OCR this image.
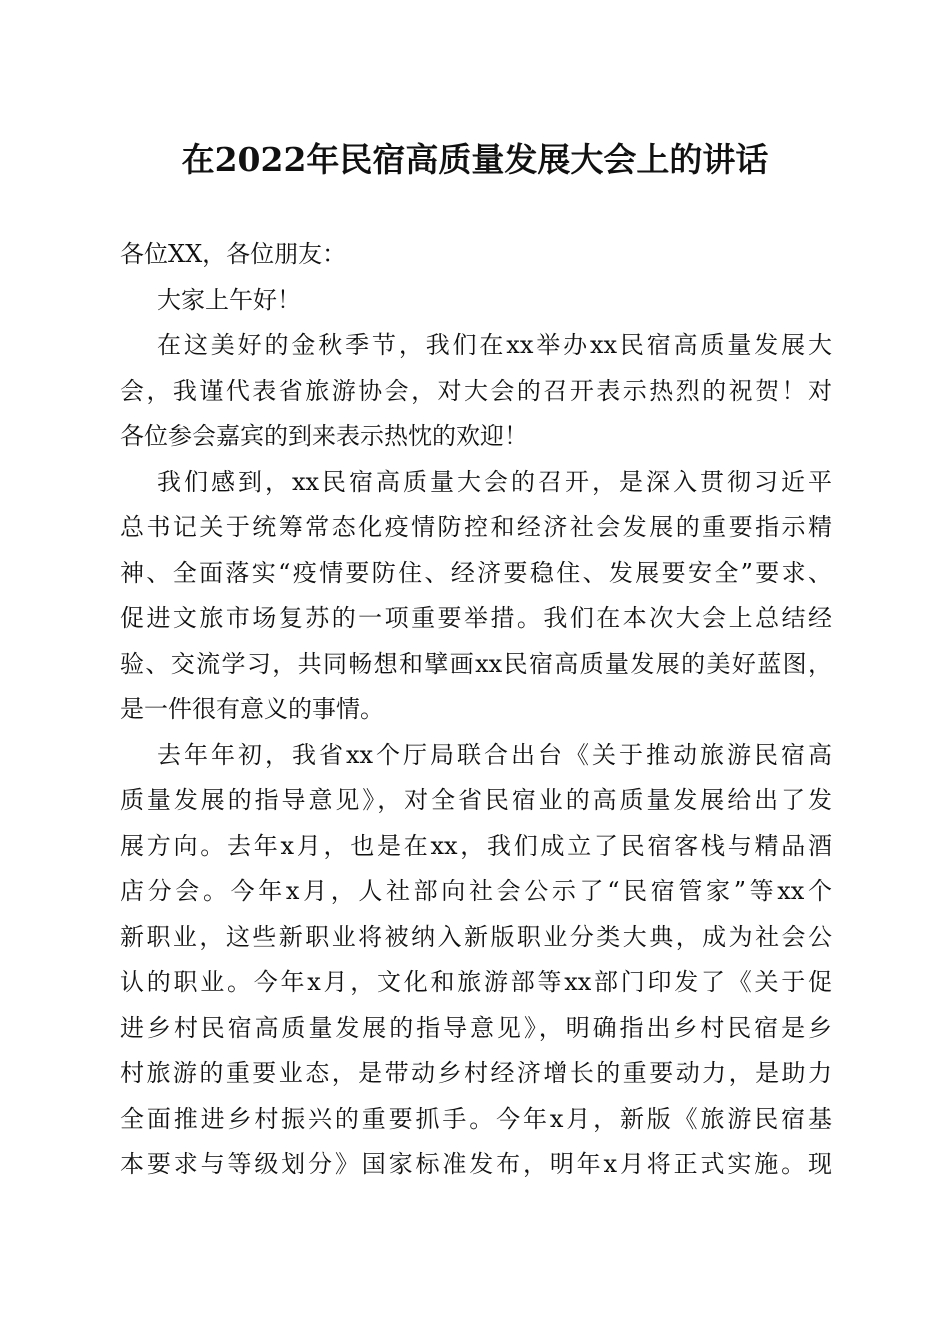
在2022年民宿高质量发展大会上的讲话
各位XX，各位朋友：
大家上午好！
在这美好的金秋季节，我们在xx举办xx民宿高质量发展大
会，我谨代表省旅游协会，对大会的召开表示热烈的祝贺！对
各位参会嘉宾的到来表示热忱的欢迎！
我们感到，xx民宿高质量大会的召开，是深入贯彻习近平
总书记关于统筹常态化疫情防控和经济社会发展的重要指示精
神、全面落实“疫情要防住、经济要稳住、发展要安全”要求、
促进文旅市场复苏的一项重要举措。我们在本次大会上总结经
验、交流学习，共同畅想和擘画xx民宿高质量发展的美好蓝图，
是一件很有意义的事情。
去年年初，我省xx个厅局联合出台《关于推动旅游民宿高
质量发展的指导意见》，对全省民宿业的高质量发展给出了发
展方向。去年x月，也是在xx，我们成立了民宿客栈与精品酒
店分会。今年x月，人社部向社会公示了“民宿管家”等xx个
新职业，这些新职业将被纳入新版职业分类大典，成为社会公
认的职业。今年x月，文化和旅游部等xx部门印发了《关于促
进乡村民宿高质量发展的指导意见》，明确指出乡村民宿是乡
村旅游的重要业态，是带动乡村经济增长的重要动力，是助力
全面推进乡村振兴的重要抓手。今年x月，新版《旅游民宿基
本要求与等级划分》国家标准发布，明年x月将正式实施。现
